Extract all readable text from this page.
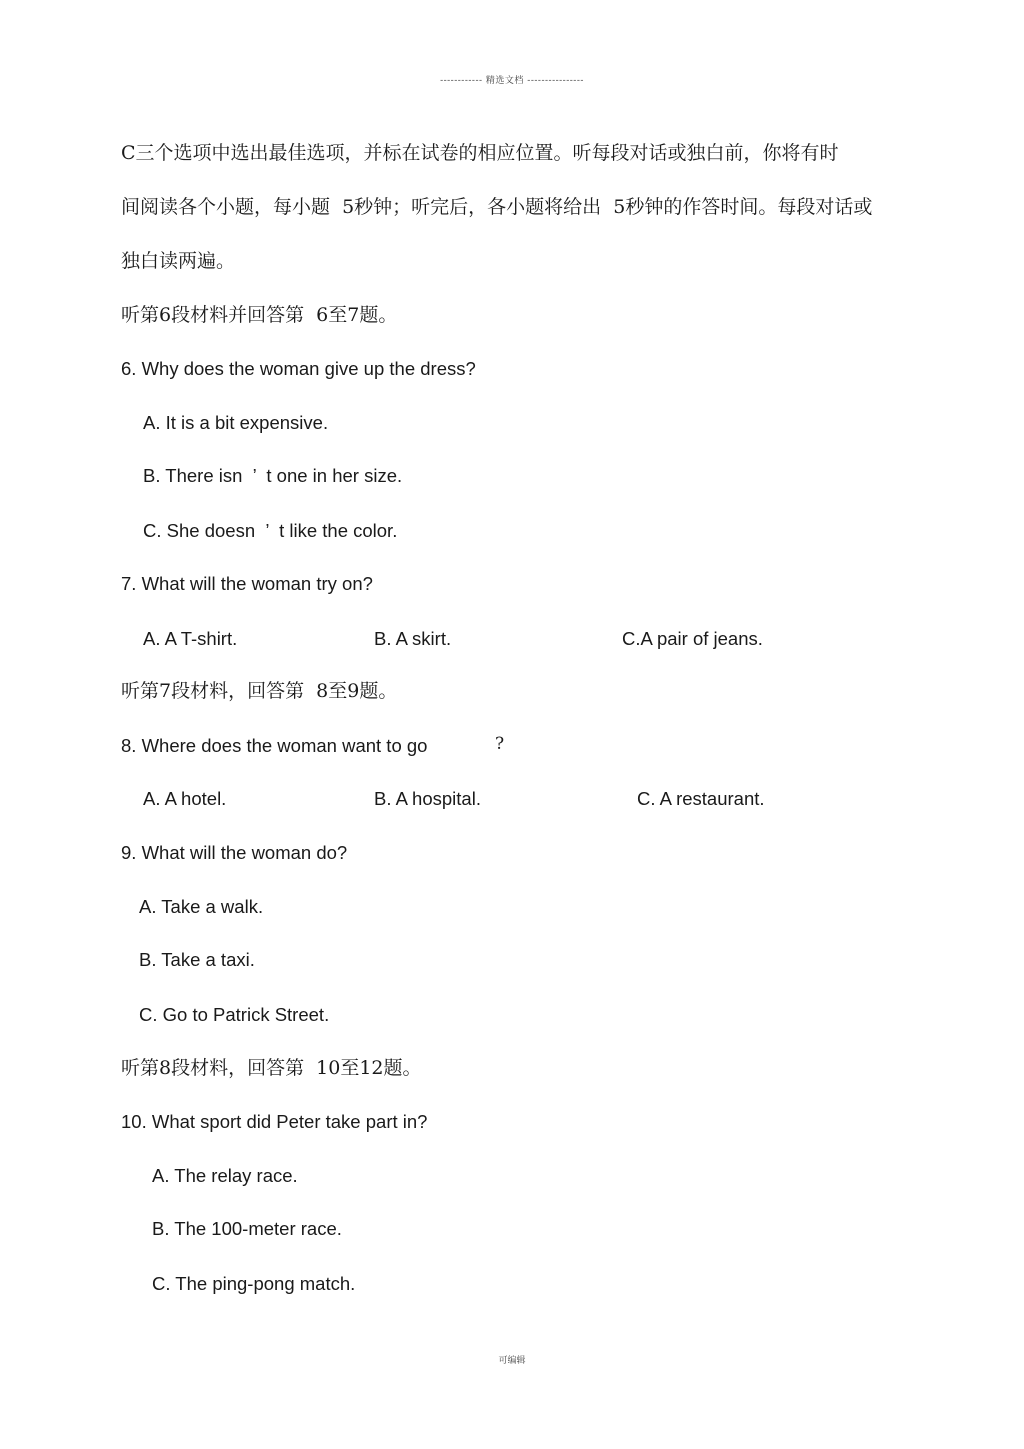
------------ 精选文档 ----------------
C三个选项中选出最佳选项，并标在试卷的相应位置。听每段对话或独白前，你将有时
间阅读各个小题，每小题  5秒钟；听完后，各小题将给出  5秒钟的作答时间。每段对话或
独白读两遍。
听第6段材料并回答第  6至7题。
6. Why does the woman give up the dress?
A. It is a bit expensive.
B. There isn  ’  t one in her size.
C. She doesn  ’  t like the color.
7. What will the woman try on?
A. A T-shirt.	B. A skirt.	C.A pair of jeans.
听第7段材料，回答第  8至9题。
8. Where does the woman want to go	?
A. A hotel.	B. A hospital.	C. A restaurant.
9. What will the woman do?
A. Take a walk.
B. Take a taxi.
C. Go to Patrick Street.
听第8段材料，回答第  10至12题。
10. What sport did Peter take part in?
A. The relay race.
B. The 100-meter race.
C. The ping-pong match.
可编辑
